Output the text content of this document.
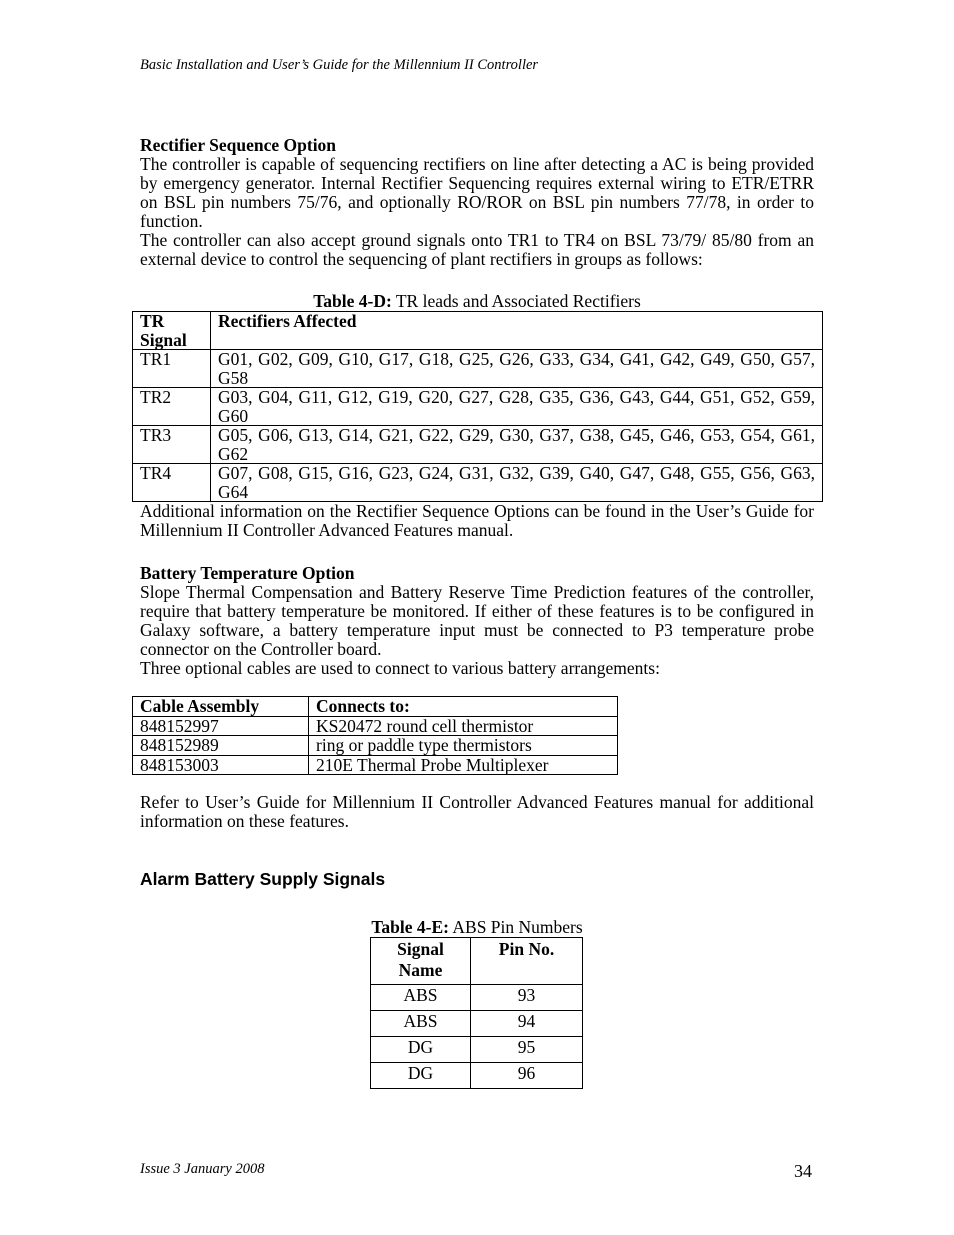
Basic Installation and User’s Guide for the Millennium II Controller
Rectifier Sequence Option

The controller is capable of sequencing rectifiers on line after detecting a AC is being provided by emergency generator. Internal Rectifier Sequencing requires external wiring to ETR/ETRR on BSL pin numbers 75/76, and optionally RO/ROR on BSL pin numbers 77/78, in order to function.

The controller can also accept ground signals onto TR1 to TR4 on BSL 73/79/ 85/80 from an external device to control the sequencing of plant rectifiers in groups as follows:

Table 4-D: TR leads and Associated Rectifiers
TR Signal	Rectifiers Affected
TR1	G01, G02, G09, G10, G17, G18, G25, G26, G33, G34, G41, G42, G49, G50, G57, G58
TR2	G03, G04, G11, G12, G19, G20, G27, G28, G35, G36, G43, G44, G51, G52, G59, G60
TR3	G05, G06, G13, G14, G21, G22, G29, G30, G37, G38, G45, G46, G53, G54, G61, G62
TR4	G07, G08, G15, G16, G23, G24, G31, G32, G39, G40, G47, G48, G55, G56, G63, G64

Additional information on the Rectifier Sequence Options can be found in the User’s Guide for Millennium II Controller Advanced Features manual.

Battery Temperature Option

Slope Thermal Compensation and Battery Reserve Time Prediction features of the controller, require that battery temperature be monitored. If either of these features is to be configured in Galaxy software, a battery temperature input must be connected to P3 temperature probe connector on the Controller board.

Three optional cables are used to connect to various battery arrangements:

Cable Assembly	Connects to:
848152997	KS20472 round cell thermistor
848152989	ring or paddle type thermistors
848153003	210E Thermal Probe Multiplexer

Refer to User’s Guide for Millennium II Controller Advanced Features manual for additional information on these features.

Alarm Battery Supply Signals
Table 4-E: ABS Pin Numbers
Signal Name	Pin No.
ABS	93
ABS	94
DG	95
DG	96
Issue 3 January 2008	34
